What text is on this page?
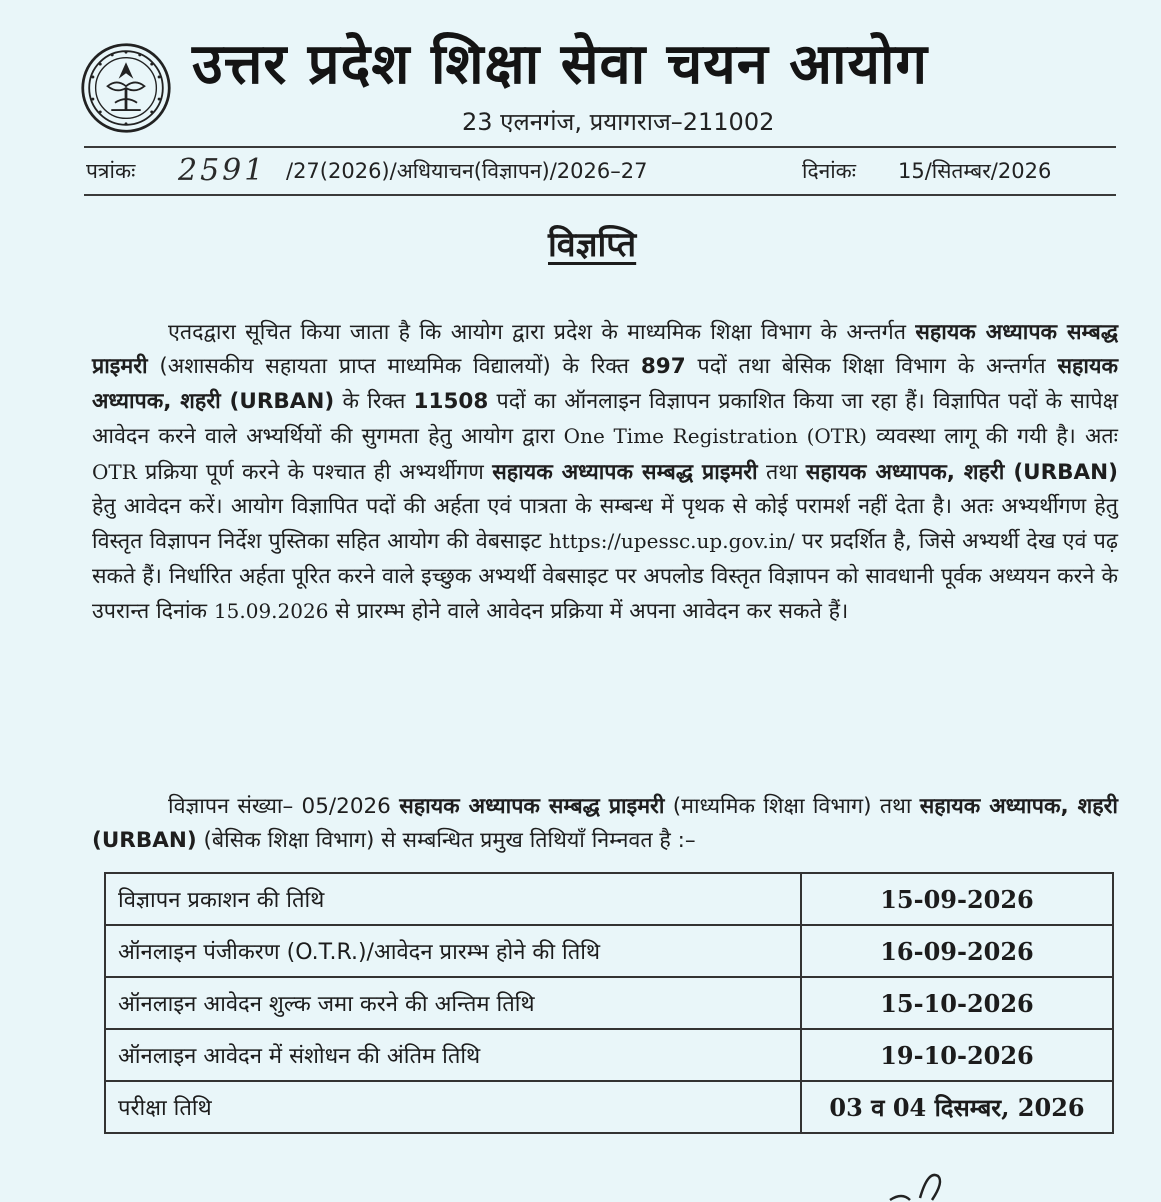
उत्तर प्रदेश शिक्षा सेवा चयन आयोग
23 एलनगंज, प्रयागराज–211002
पत्रांकः 2591 /27(2026)/अधियाचन(विज्ञापन)/2026–27	दिनांकः 15/सितम्बर/2026
विज्ञप्ति
एतदद्वारा सूचित किया जाता है कि आयोग द्वारा प्रदेश के माध्यमिक शिक्षा विभाग के अन्तर्गत सहायक अध्यापक सम्बद्ध प्राइमरी (अशासकीय सहायता प्राप्त माध्यमिक विद्यालयों) के रिक्त 897 पदों तथा बेसिक शिक्षा विभाग के अन्तर्गत सहायक अध्यापक, शहरी (URBAN) के रिक्त 11508 पदों का ऑनलाइन विज्ञापन प्रकाशित किया जा रहा हैं। विज्ञापित पदों के सापेक्ष आवेदन करने वाले अभ्यर्थियों की सुगमता हेतु आयोग द्वारा One Time Registration (OTR) व्यवस्था लागू की गयी है। अतः OTR प्रक्रिया पूर्ण करने के पश्चात ही अभ्यर्थीगण सहायक अध्यापक सम्बद्ध प्राइमरी तथा सहायक अध्यापक, शहरी (URBAN) हेतु आवेदन करें। आयोग विज्ञापित पदों की अर्हता एवं पात्रता के सम्बन्ध में पृथक से कोई परामर्श नहीं देता है। अतः अभ्यर्थीगण हेतु विस्तृत विज्ञापन निर्देश पुस्तिका सहित आयोग की वेबसाइट https://upessc.up.gov.in/ पर प्रदर्शित है, जिसे अभ्यर्थी देख एवं पढ़ सकते हैं। निर्धारित अर्हता पूरित करने वाले इच्छुक अभ्यर्थी वेबसाइट पर अपलोड विस्तृत विज्ञापन को सावधानी पूर्वक अध्ययन करने के उपरान्त दिनांक 15.09.2026 से प्रारम्भ होने वाले आवेदन प्रक्रिया में अपना आवेदन कर सकते हैं।
विज्ञापन संख्या– 05/2026 सहायक अध्यापक सम्बद्ध प्राइमरी (माध्यमिक शिक्षा विभाग) तथा सहायक अध्यापक, शहरी (URBAN) (बेसिक शिक्षा विभाग) से सम्बन्धित प्रमुख तिथियाँ निम्नवत है :–
विज्ञापन प्रकाशन की तिथि	15-09-2026
ऑनलाइन पंजीकरण (O.T.R.)/आवेदन प्रारम्भ होने की तिथि	16-09-2026
ऑनलाइन आवेदन शुल्क जमा करने की अन्तिम तिथि	15-10-2026
ऑनलाइन आवेदन में संशोधन की अंतिम तिथि	19-10-2026
परीक्षा तिथि	03 व 04 दिसम्बर, 2026
